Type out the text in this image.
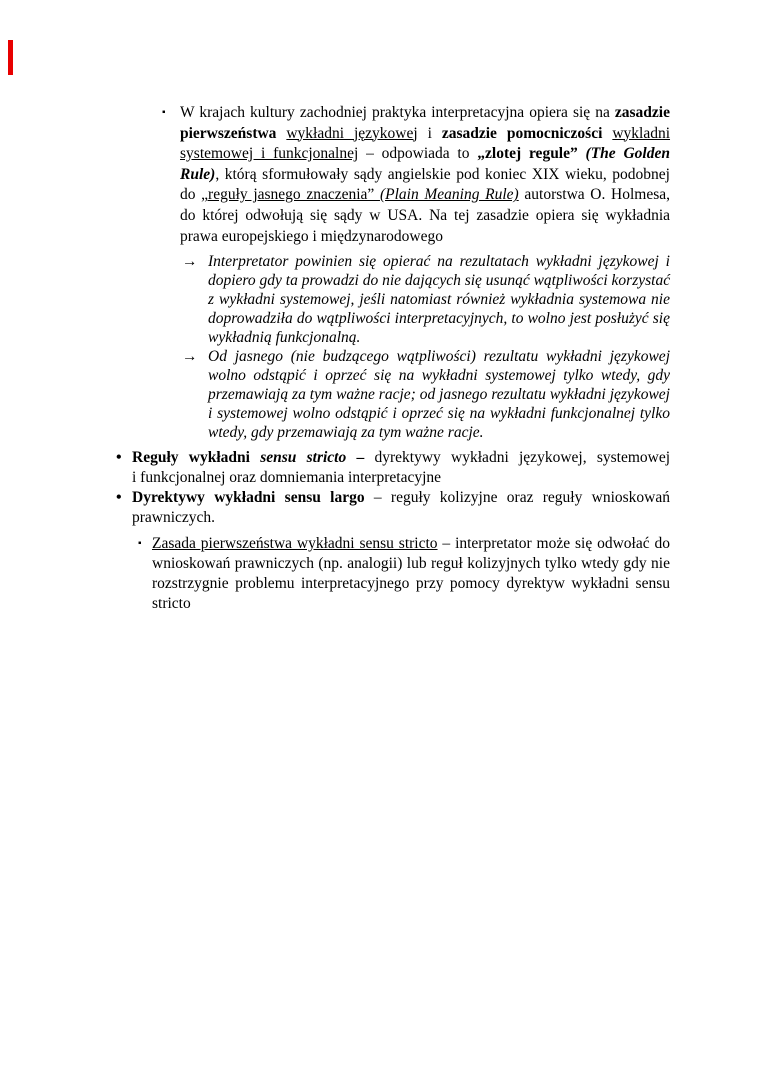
▪ W krajach kultury zachodniej praktyka interpretacyjna opiera się na zasadzie
pierwszeństwa wykładni językowej i zasadzie pomocniczości wykladni
systemowej i funkcjonalnej – odpowiada to „zlotej regule” (The Golden
Rule), którą sformułowały sądy angielskie pod koniec XIX wieku, podobnej
do „reguły jasnego znaczenia” (Plain Meaning Rule) autorstwa O. Holmesa,
do której odwołują się sądy w USA. Na tej zasadzie opiera się wykładnia
prawa europejskiego i międzynarodowego
→ Interpretator powinien się opierać na rezultatach wykładni językowej i
dopiero gdy ta prowadzi do nie dających się usunąć wątpliwości korzystać
z wykładni systemowej, jeśli natomiast również wykładnia systemowa nie
doprowadziła do wątpliwości interpretacyjnych, to wolno jest posłużyć się
wykładnią funkcjonalną.
→ Od jasnego (nie budzącego wątpliwości) rezultatu wykładni językowej
wolno odstąpić i oprzeć się na wykładni systemowej tylko wtedy, gdy
przemawiają za tym ważne racje; od jasnego rezultatu wykładni językowej
i systemowej wolno odstąpić i oprzeć się na wykładni funkcjonalnej tylko
wtedy, gdy przemawiają za tym ważne racje.
• Reguły wykładni sensu stricto – dyrektywy wykładni językowej, systemowej
i funkcjonalnej oraz domniemania interpretacyjne
• Dyrektywy wykładni sensu largo – reguły kolizyjne oraz reguły wnioskowań
prawniczych.
▪ Zasada pierwszeństwa wykładni sensu stricto – interpretator może się odwołać do
wnioskowań prawniczych (np. analogii) lub reguł kolizyjnych tylko wtedy gdy nie
rozstrzygnie problemu interpretacyjnego przy pomocy dyrektyw wykładni sensu
stricto
